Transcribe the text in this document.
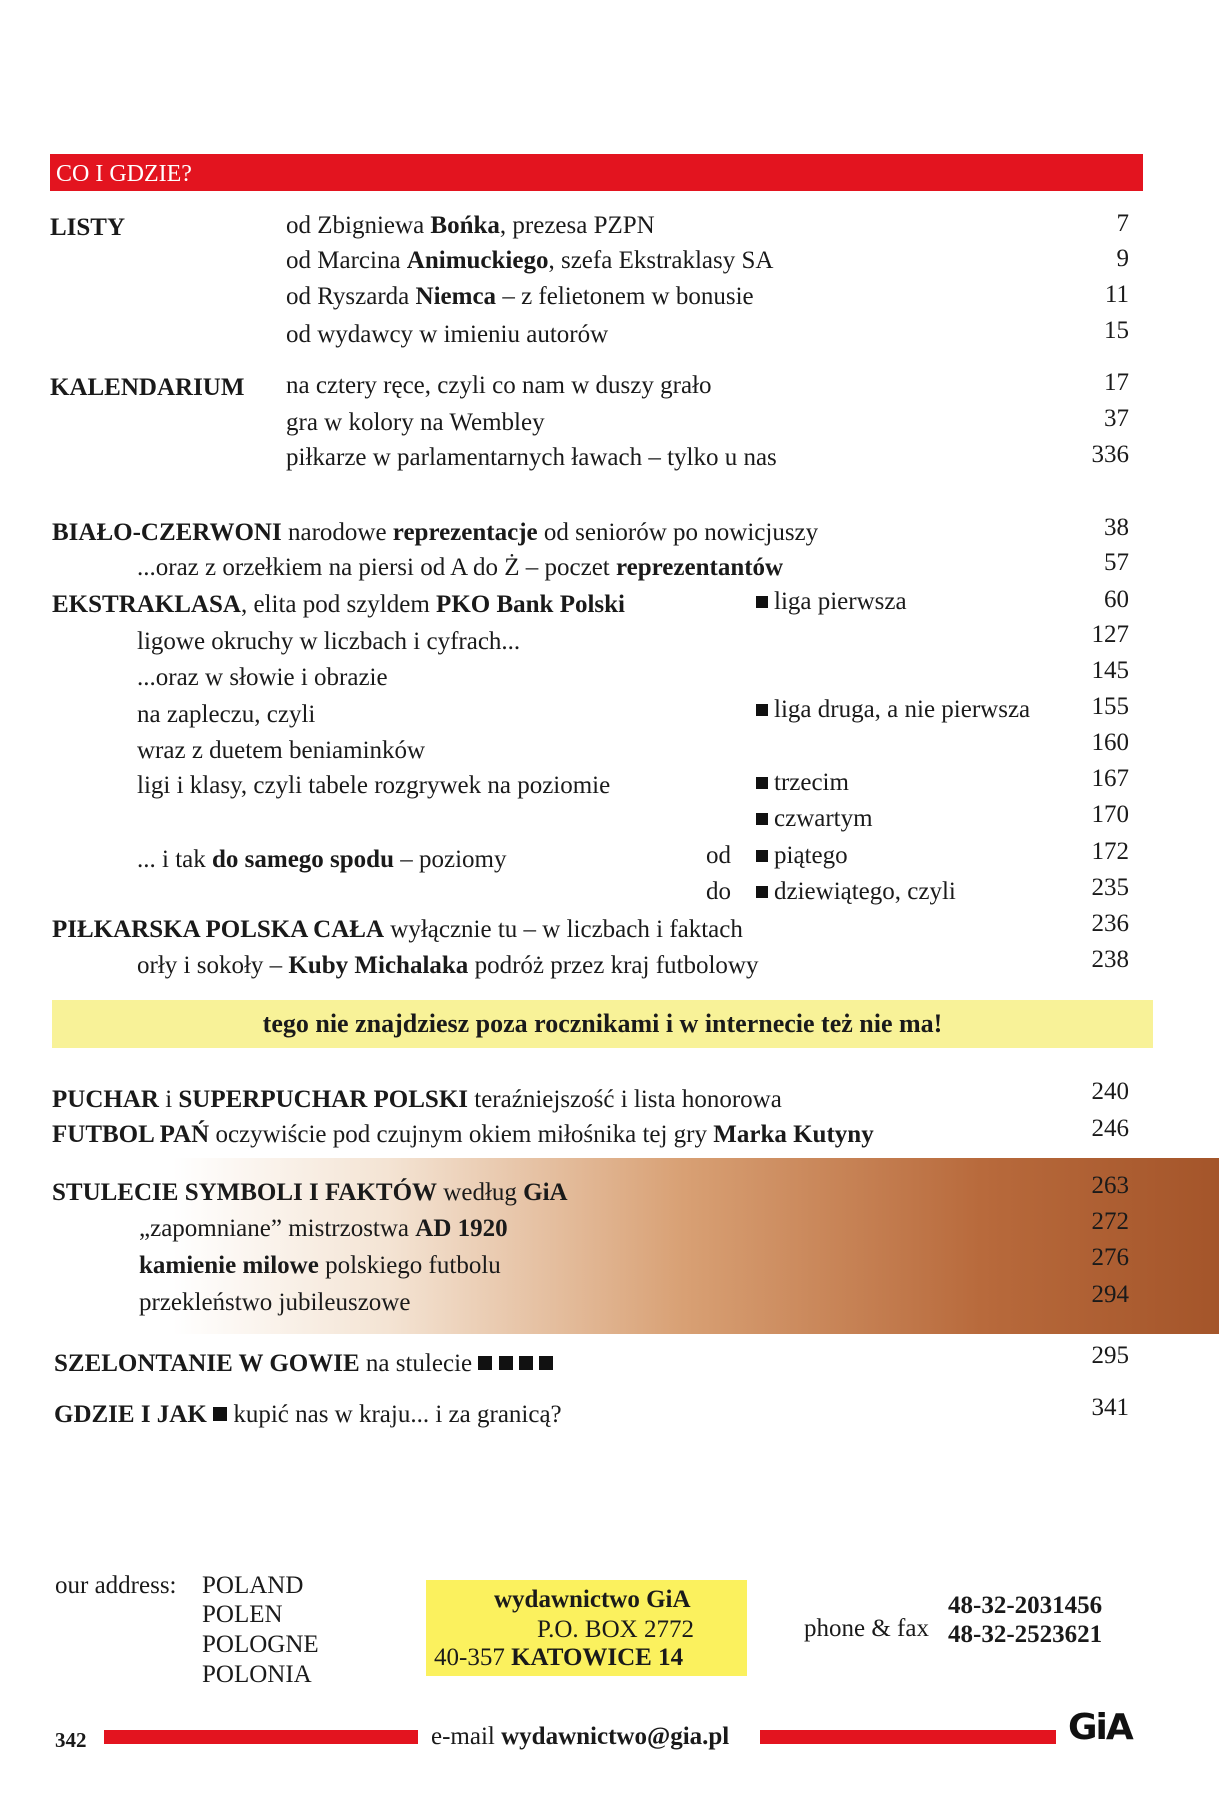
CO I GDZIE?
LISTY	od Zbigniewa Bońka, prezesa PZPN	7
od Marcina Animuckiego, szefa Ekstraklasy SA	9
od Ryszarda Niemca – z felietonem w bonusie	11
od wydawcy w imieniu autorów	15
KALENDARIUM na cztery ręce, czyli co nam w duszy grało	17
gra w kolory na Wembley	37
piłkarze w parlamentarnych ławach – tylko u nas	336
BIAŁO-CZERWONI narodowe reprezentacje od seniorów po nowicjuszy	38
...oraz z orzełkiem na piersi od A do Ż – poczet reprezentantów	57
EKSTRAKLASA, elita pod szyldem PKO Bank Polski	liga pierwsza	60
ligowe okruchy w liczbach i cyfrach...	127
...oraz w słowie i obrazie	145
na zapleczu, czyli	liga druga, a nie pierwsza 155
wraz z duetem beniaminków	160
ligi i klasy, czyli tabele rozgrywek na poziomie	trzecim	167
czwartym	170
... i tak do samego spodu – poziomy	od	piątego	172
do	dziewiątego, czyli	235
PIŁKARSKA POLSKA CAŁA wyłącznie tu – w liczbach i faktach	236
orły i sokoły – Kuby Michalaka podróż przez kraj futbolowy	238
tego nie znajdziesz poza rocznikami i w internecie też nie ma!
PUCHAR i SUPERPUCHAR POLSKI teraźniejszość i lista honorowa	240
FUTBOL PAŃ oczywiście pod czujnym okiem miłośnika tej gry Marka Kutyny	246
STULECIE SYMBOLI I FAKTÓW według GiA	263
„zapomniane” mistrzostwa AD 1920	272
kamienie milowe polskiego futbolu	276
przekleństwo jubileuszowe	294
SZELONTANIE W GOWIE na stulecie	295
GDZIE I JAK kupić nas w kraju... i za granicą?	341
our address: POLAND
POLEN
POLOGNE
POLONIA
wydawnictwo GiA
P.O. BOX 2772
40-357 KATOWICE 14
phone & fax
48-32-2031456
48-32-2523621
342	e-mail wydawnictwo@gia.pl	GiA
